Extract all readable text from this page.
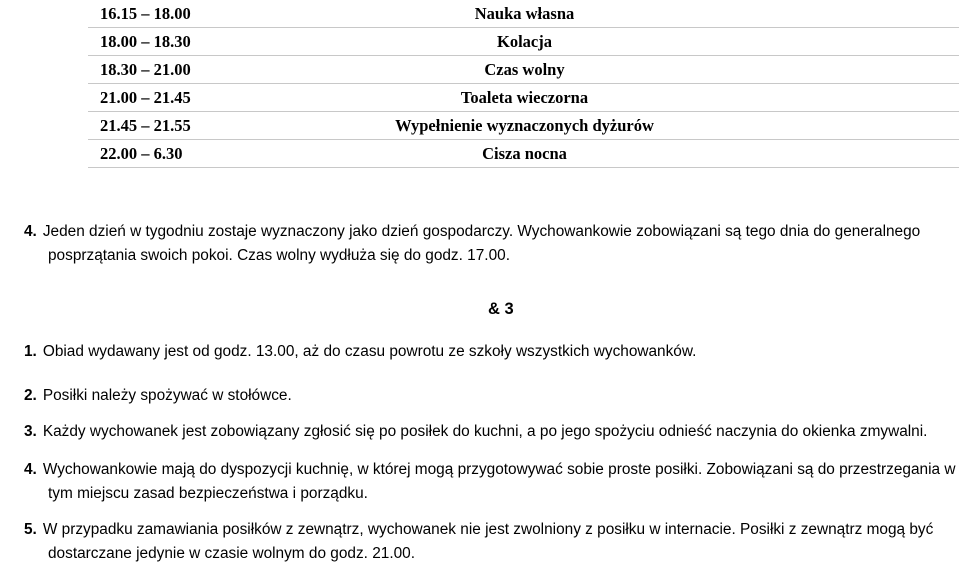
16.15 – 18.00	Nauka własna
18.00 – 18.30	Kolacja
18.30 – 21.00	Czas wolny
21.00 – 21.45	Toaleta wieczorna
21.45 – 21.55	Wypełnienie wyznaczonych dyżurów
22.00 – 6.30	Cisza nocna

4. Jeden dzień w tygodniu zostaje wyznaczony jako dzień gospodarczy. Wychowankowie zobowiązani są tego dnia do generalnego posprzątania swoich pokoi. Czas wolny wydłuża się do godz. 17.00.

& 3

1. Obiad wydawany jest od godz. 13.00, aż do czasu powrotu ze szkoły wszystkich wychowanków.

2. Posiłki należy spożywać w stołówce.

3. Każdy wychowanek jest zobowiązany zgłosić się po posiłek do kuchni, a po jego spożyciu odnieść naczynia do okienka zmywalni.

4. Wychowankowie mają do dyspozycji kuchnię, w której mogą przygotowywać sobie proste posiłki. Zobowiązani są do przestrzegania w tym miejscu zasad bezpieczeństwa i porządku.

5. W przypadku zamawiania posiłków z zewnątrz, wychowanek nie jest zwolniony z posiłku w internacie. Posiłki z zewnątrz mogą być dostarczane jedynie w czasie wolnym do godz. 21.00.
